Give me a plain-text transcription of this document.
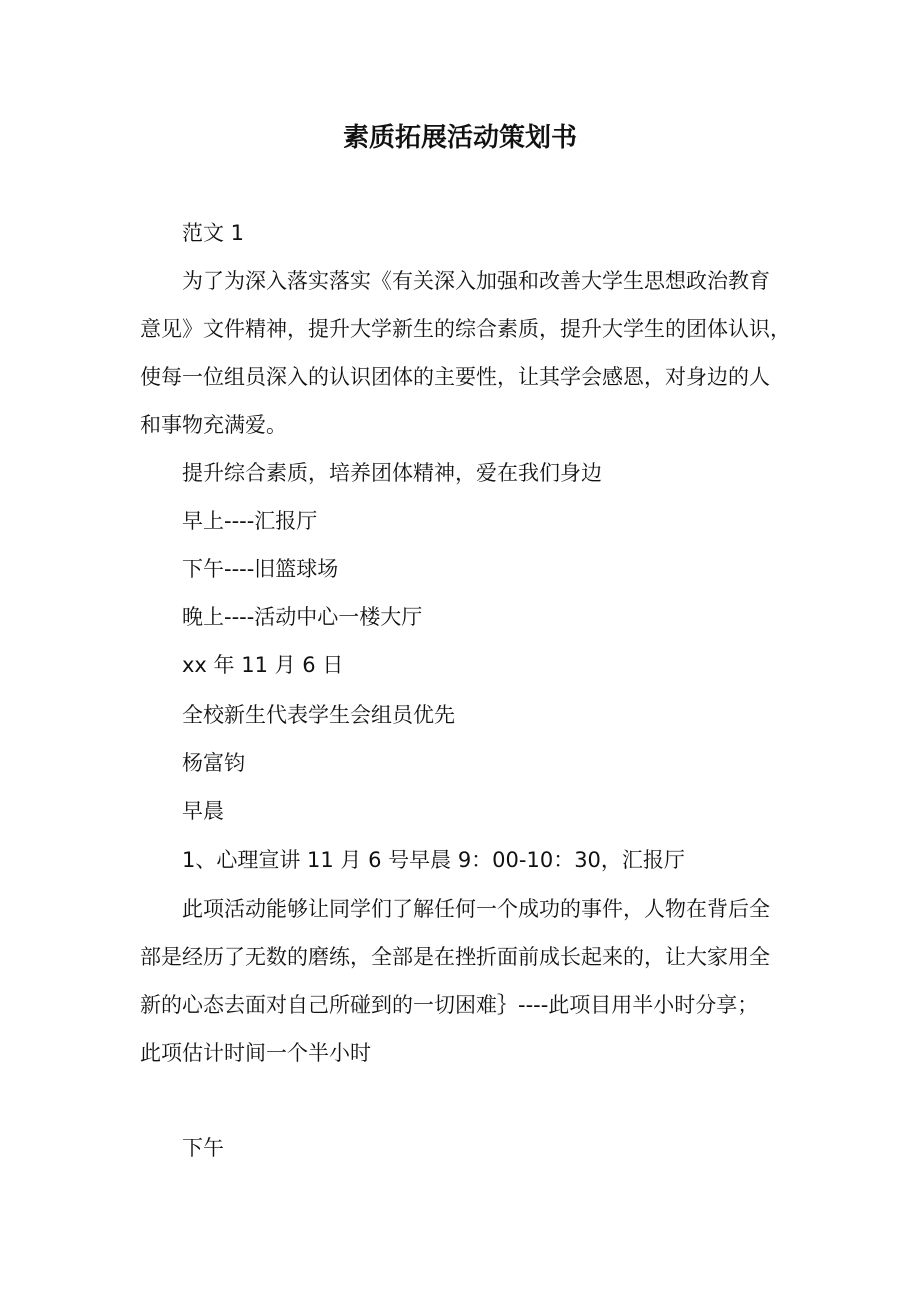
素质拓展活动策划书

范文 1

为了为深入落实落实《有关深入加强和改善大学生思想政治教育
意见》文件精神，提升大学新生的综合素质，提升大学生的团体认识，
使每一位组员深入的认识团体的主要性，让其学会感恩，对身边的人
和事物充满爱。

提升综合素质，培养团体精神，爱在我们身边

早上----汇报厅

下午----旧篮球场

晚上----活动中心一楼大厅

xx 年 11 月 6 日

全校新生代表学生会组员优先

杨富钧

早晨

1、心理宣讲 11 月 6 号早晨 9：00-10：30，汇报厅

此项活动能够让同学们了解任何一个成功的事件，人物在背后全
部是经历了无数的磨练，全部是在挫折面前成长起来的，让大家用全
新的心态去面对自己所碰到的一切困难｝----此项目用半小时分享；
此项估计时间一个半小时

下午
